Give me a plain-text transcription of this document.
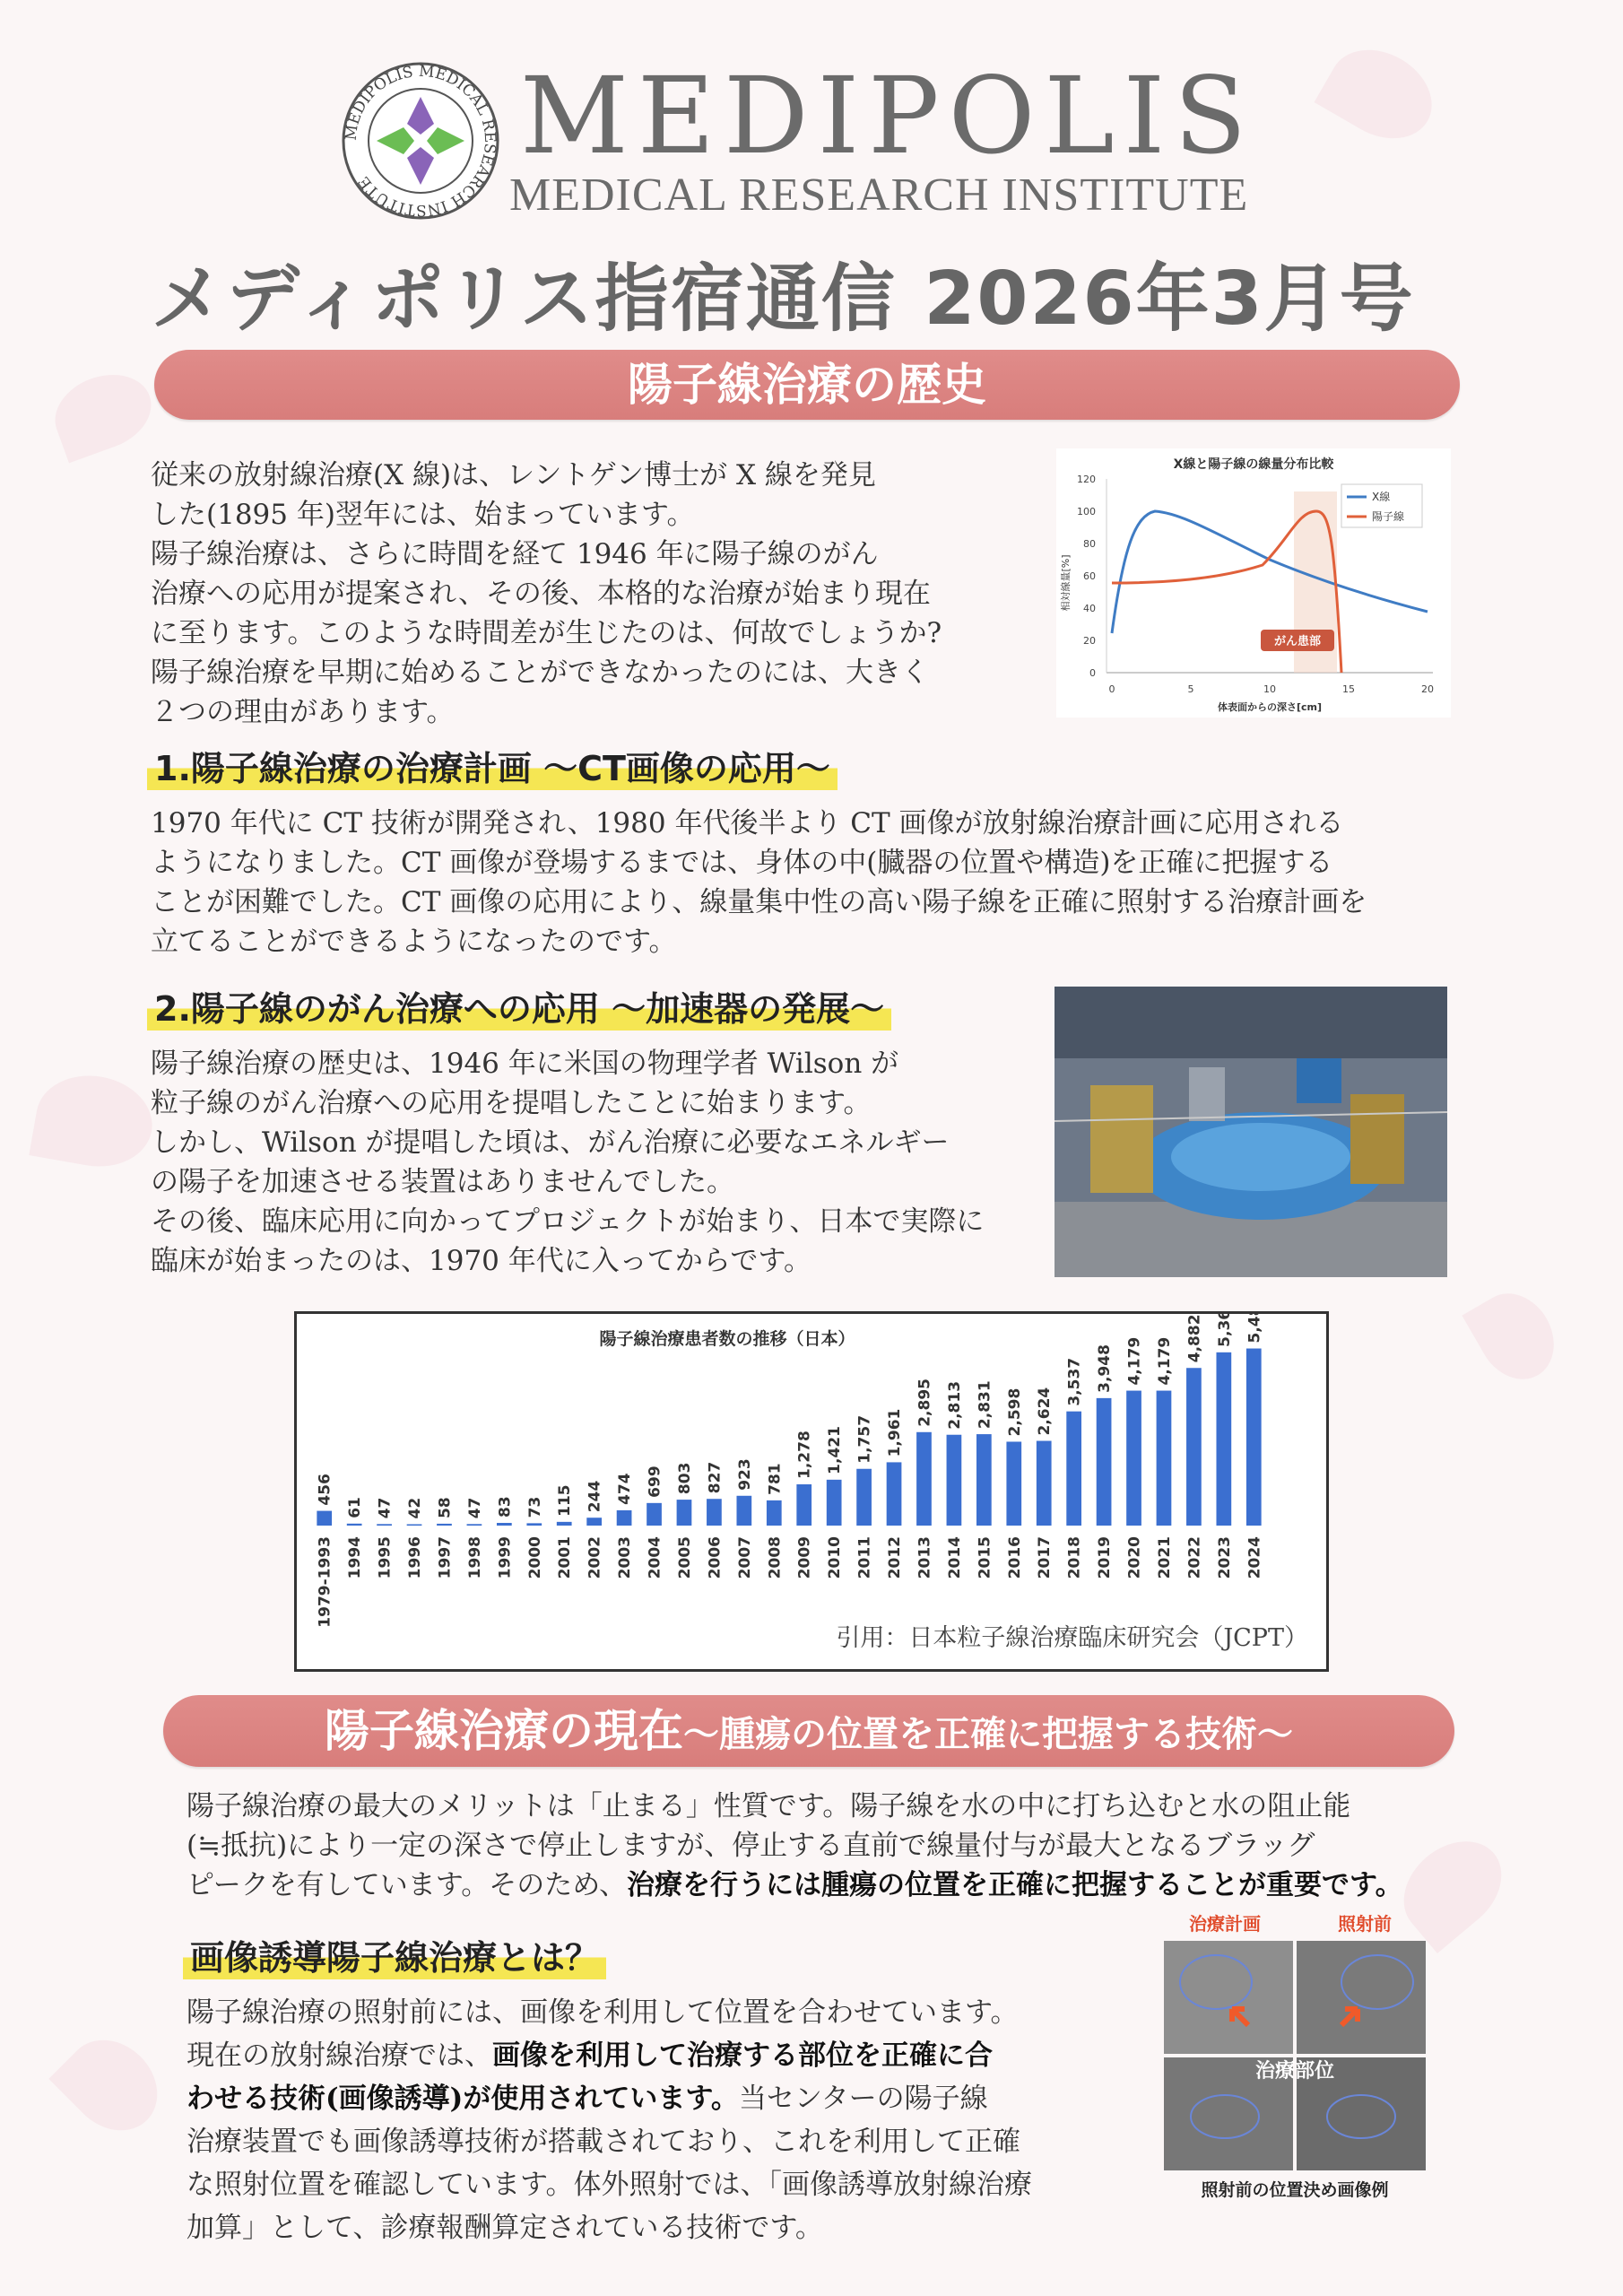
MEDIPOLIS MEDICAL RESEARCH INSTITUTE
MEDIPOLIS
MEDICAL RESEARCH INSTITUTE
メディポリス指宿通信 2026年3月号
陽子線治療の歴史
従来の放射線治療(X 線)は、レントゲン博士が X 線を発見
した(1895 年)翌年には、始まっています。
陽子線治療は、さらに時間を経て 1946 年に陽子線のがん
治療への応用が提案され、その後、本格的な治療が始まり現在
に至ります。このような時間差が生じたのは、何故でしょうか?
陽子線治療を早期に始めることができなかったのには、大きく
２つの理由があります。
X線と陽子線の線量分布比較
相対線量[%]
120
100
80
60
40
20
0
0	5	10	15	20
体表面からの深さ[cm]
X線
陽子線
がん患部
1.陽子線治療の治療計画 ～CT画像の応用～
1970 年代に CT 技術が開発され、1980 年代後半より CT 画像が放射線治療計画に応用される
ようになりました。CT 画像が登場するまでは、身体の中(臓器の位置や構造)を正確に把握する
ことが困難でした。CT 画像の応用により、線量集中性の高い陽子線を正確に照射する治療計画を
立てることができるようになったのです。
2.陽子線のがん治療への応用 ～加速器の発展～
陽子線治療の歴史は、1946 年に米国の物理学者 Wilson が
粒子線のがん治療への応用を提唱したことに始まります。
しかし、Wilson が提唱した頃は、がん治療に必要なエネルギー
の陽子を加速させる装置はありませんでした。
その後、臨床応用に向かってプロジェクトが始まり、日本で実際に
臨床が始まったのは、1970 年代に入ってからです。
陽子線治療患者数の推移（日本）
456
1979-1993
61
1994
47
1995
42
1996
58
1997
47
1998
83
1999
73
2000
115
2001
244
2002
474
2003
699
2004
803
2005
827
2006
923
2007
781
2008
1,278
2009
1,421
2010
1,757
2011
1,961
2012
2,895
2013
2,813
2014
2,831
2015
2,598
2016
2,624
2017
3,537
2018
3,948
2019
4,179
2020
4,179
2021
4,882
2022
5,366
2023
5,485
2024
引用：日本粒子線治療臨床研究会（JCPT）
陽子線治療の現在～腫瘍の位置を正確に把握する技術～
陽子線治療の最大のメリットは「止まる」性質です。陽子線を水の中に打ち込むと水の阻止能
(≒抵抗)により一定の深さで停止しますが、停止する直前で線量付与が最大となるブラッグ
ピークを有しています。そのため、治療を行うには腫瘍の位置を正確に把握することが重要です。
画像誘導陽子線治療とは？
陽子線治療の照射前には、画像を利用して位置を合わせています。
現在の放射線治療では、画像を利用して治療する部位を正確に合
わせる技術(画像誘導)が使用されています。当センターの陽子線
治療装置でも画像誘導技術が搭載されており、これを利用して正確
な照射位置を確認しています。体外照射では、「画像誘導放射線治療
加算」として、診療報酬算定されている技術です。
治療計画	照射前
治療部位
照射前の位置決め画像例
